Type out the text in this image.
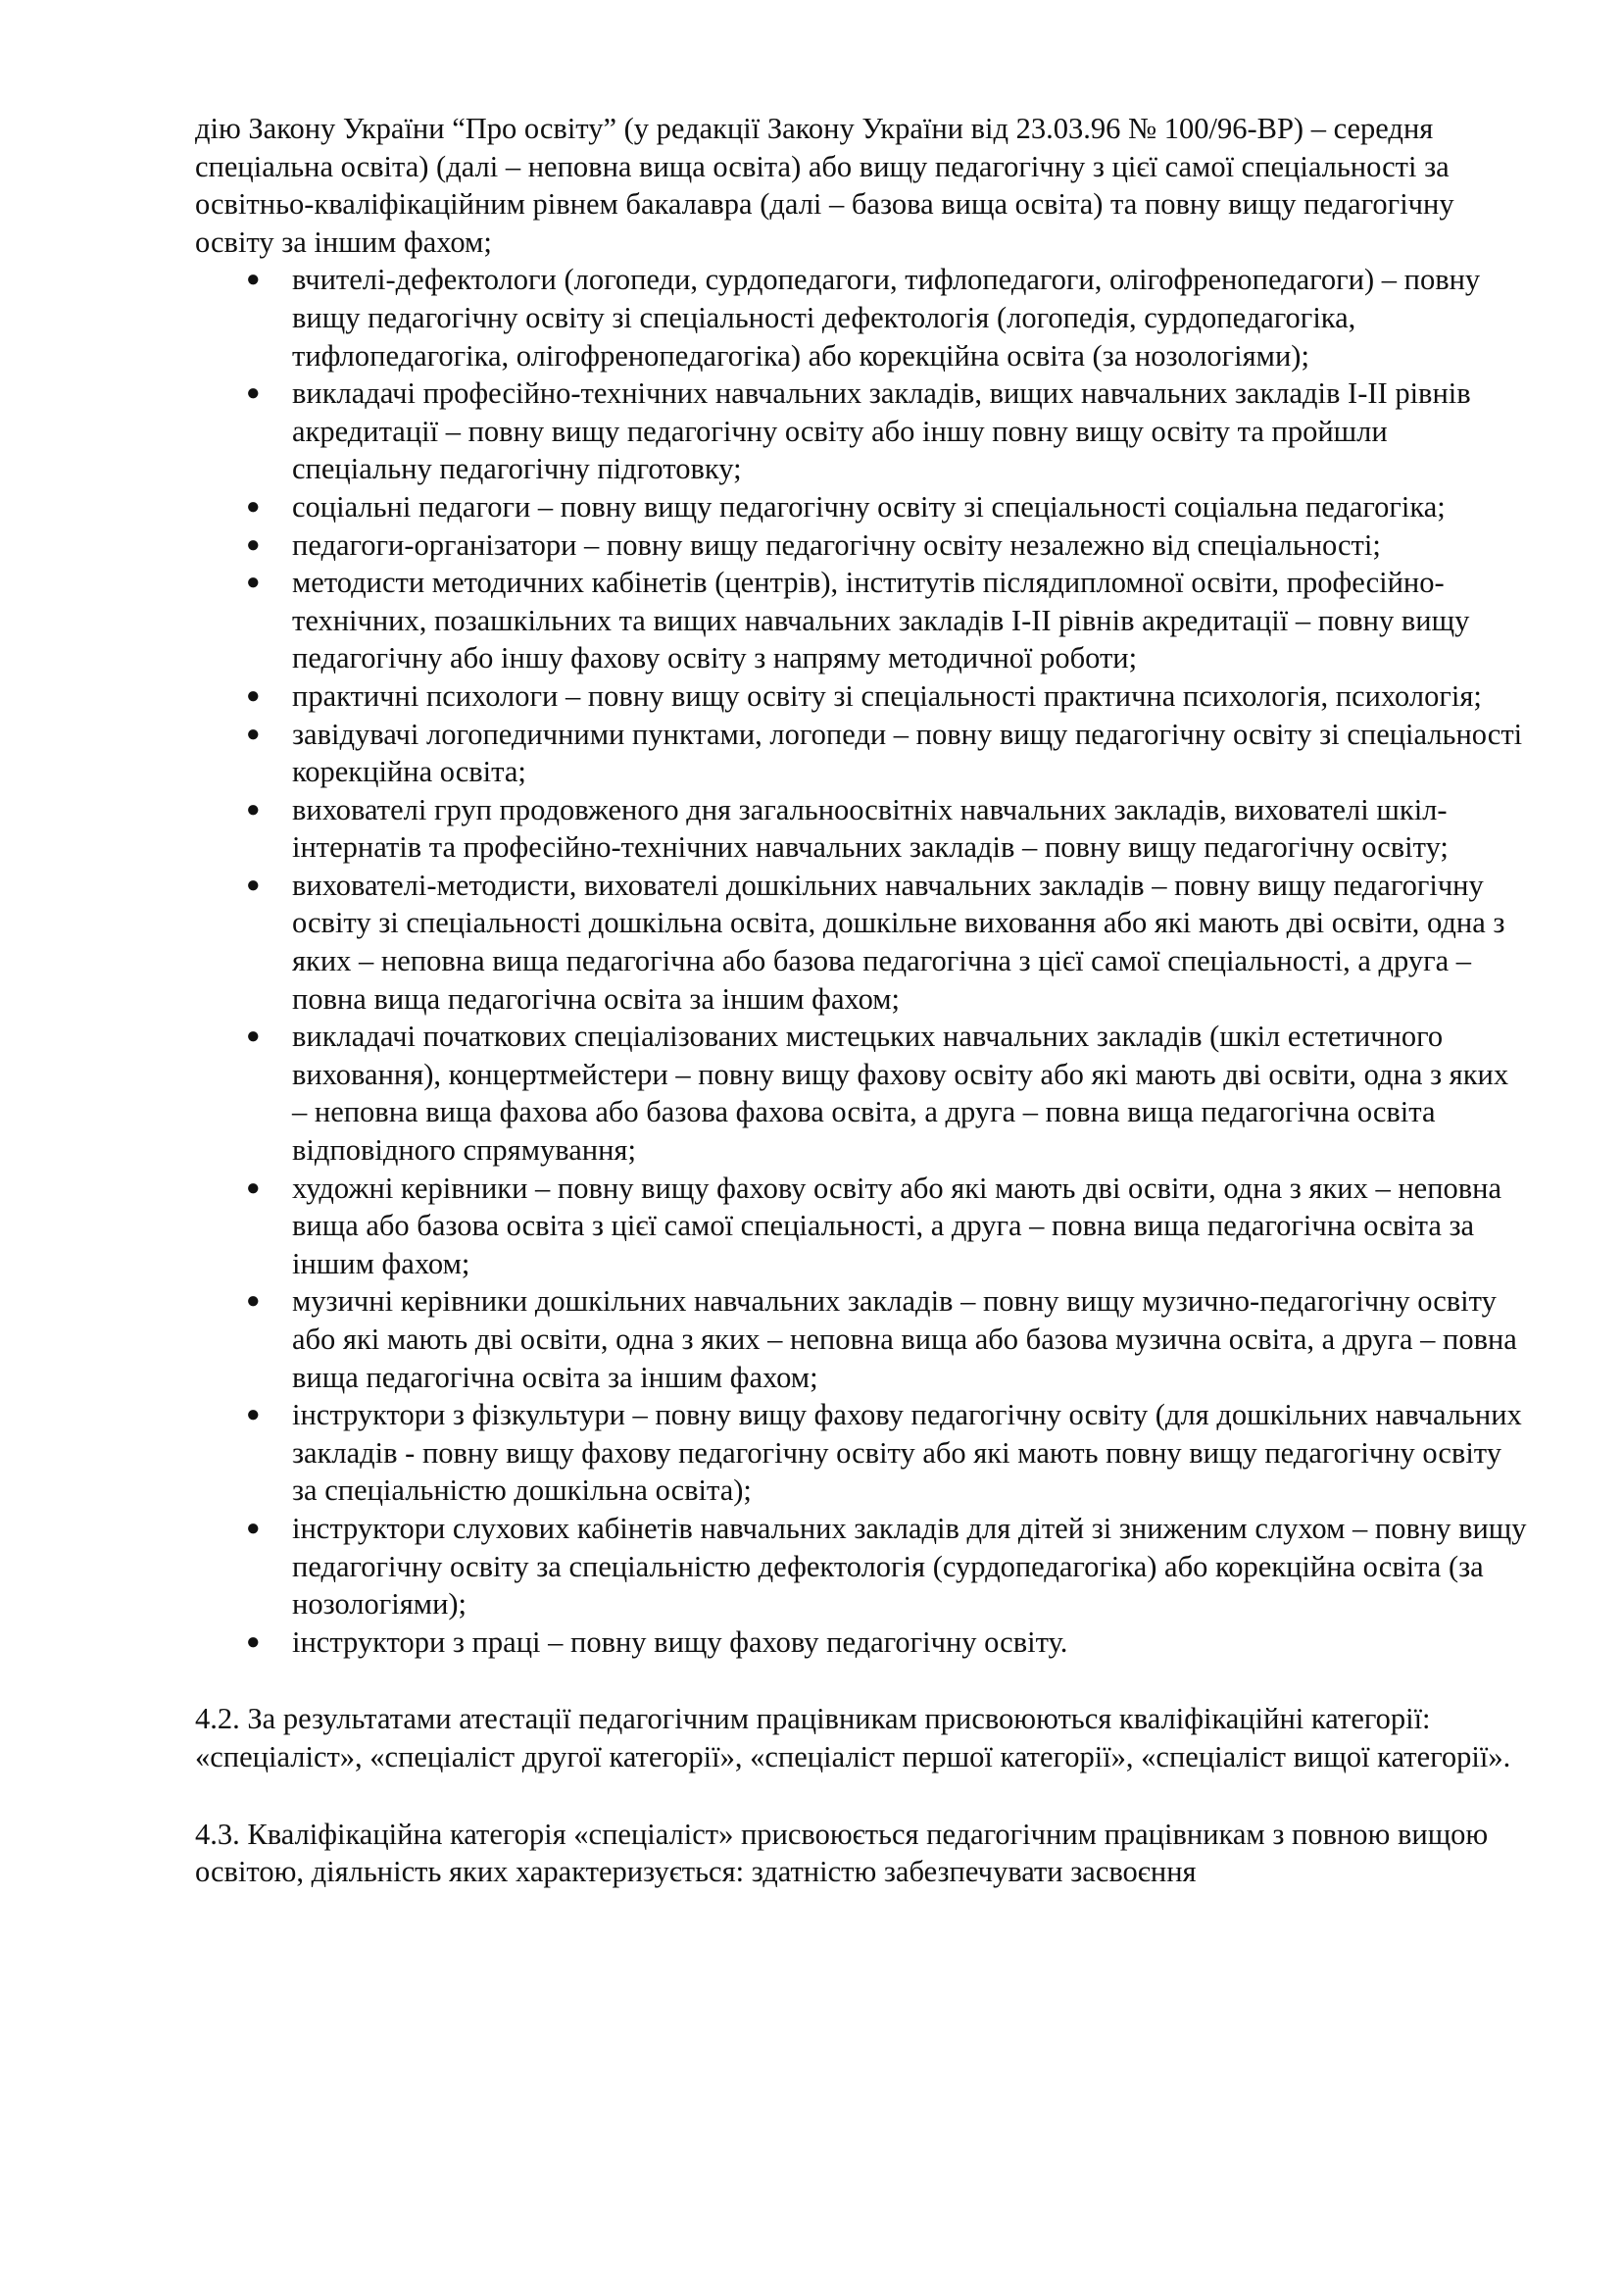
дію Закону України “Про освіту” (у редакції Закону України від 23.03.96 № 100/96-ВР) – середня спеціальна освіта) (далі – неповна вища освіта) або вищу педагогічну з цієї самої спеціальності за освітньо-кваліфікаційним рівнем бакалавра (далі – базова вища освіта) та повну вищу педагогічну освіту за іншим фахом;

●	вчителі-дефектологи (логопеди, сурдопедагоги, тифлопедагоги, олігофренопедагоги) – повну вищу педагогічну освіту зі спеціальності дефектологія (логопедія, сурдопедагогіка, тифлопедагогіка, олігофренопедагогіка) або корекційна освіта (за нозологіями);
●	викладачі професійно-технічних навчальних закладів, вищих навчальних закладів І-ІІ рівнів акредитації – повну вищу педагогічну освіту або іншу повну вищу освіту та пройшли спеціальну педагогічну підготовку;
●	соціальні педагоги – повну вищу педагогічну освіту зі спеціальності соціальна педагогіка;
●	педагоги-організатори – повну вищу педагогічну освіту незалежно від спеціальності;
●	методисти методичних кабінетів (центрів), інститутів післядипломної освіти, професійно-технічних, позашкільних та вищих навчальних закладів І-ІІ рівнів акредитації – повну вищу педагогічну або іншу фахову освіту з напряму методичної роботи;
●	практичні психологи – повну вищу освіту зі спеціальності практична психологія, психологія;
●	завідувачі логопедичними пунктами, логопеди – повну вищу педагогічну освіту зі спеціальності корекційна освіта;
●	вихователі груп продовженого дня загальноосвітніх навчальних закладів, вихователі шкіл-інтернатів та професійно-технічних навчальних закладів – повну вищу педагогічну освіту;
●	вихователі-методисти, вихователі дошкільних навчальних закладів – повну вищу педагогічну освіту зі спеціальності дошкільна освіта, дошкільне виховання або які мають дві освіти, одна з яких – неповна вища педагогічна або базова педагогічна з цієї самої спеціальності, а друга – повна вища педагогічна освіта за іншим фахом;
●	викладачі початкових спеціалізованих мистецьких навчальних закладів (шкіл естетичного виховання), концертмейстери – повну вищу фахову освіту або які мають дві освіти, одна з яких – неповна вища фахова або базова фахова освіта, а друга – повна вища педагогічна освіта відповідного спрямування;
●	художні керівники – повну вищу фахову освіту або які мають дві освіти, одна з яких – неповна вища або базова освіта з цієї самої спеціальності, а друга – повна вища педагогічна освіта за іншим фахом;
●	музичні керівники дошкільних навчальних закладів – повну вищу музично-педагогічну освіту або які мають дві освіти, одна з яких – неповна вища або базова музична освіта, а друга – повна вища педагогічна освіта за іншим фахом;
●	інструктори з фізкультури – повну вищу фахову педагогічну освіту (для дошкільних навчальних закладів - повну вищу фахову педагогічну освіту або які мають повну вищу педагогічну освіту за спеціальністю дошкільна освіта);
●	інструктори слухових кабінетів навчальних закладів для дітей зі зниженим слухом – повну вищу педагогічну освіту за спеціальністю дефектологія (сурдопедагогіка) або корекційна освіта (за нозологіями);
●	інструктори з праці – повну вищу фахову педагогічну освіту.

4.2. За результатами атестації педагогічним працівникам присвоюються кваліфікаційні категорії: «спеціаліст», «спеціаліст другої категорії», «спеціаліст першої категорії», «спеціаліст вищої категорії».

4.3. Кваліфікаційна категорія «спеціаліст» присвоюється педагогічним працівникам з повною вищою освітою, діяльність яких характеризується: здатністю забезпечувати засвоєння
